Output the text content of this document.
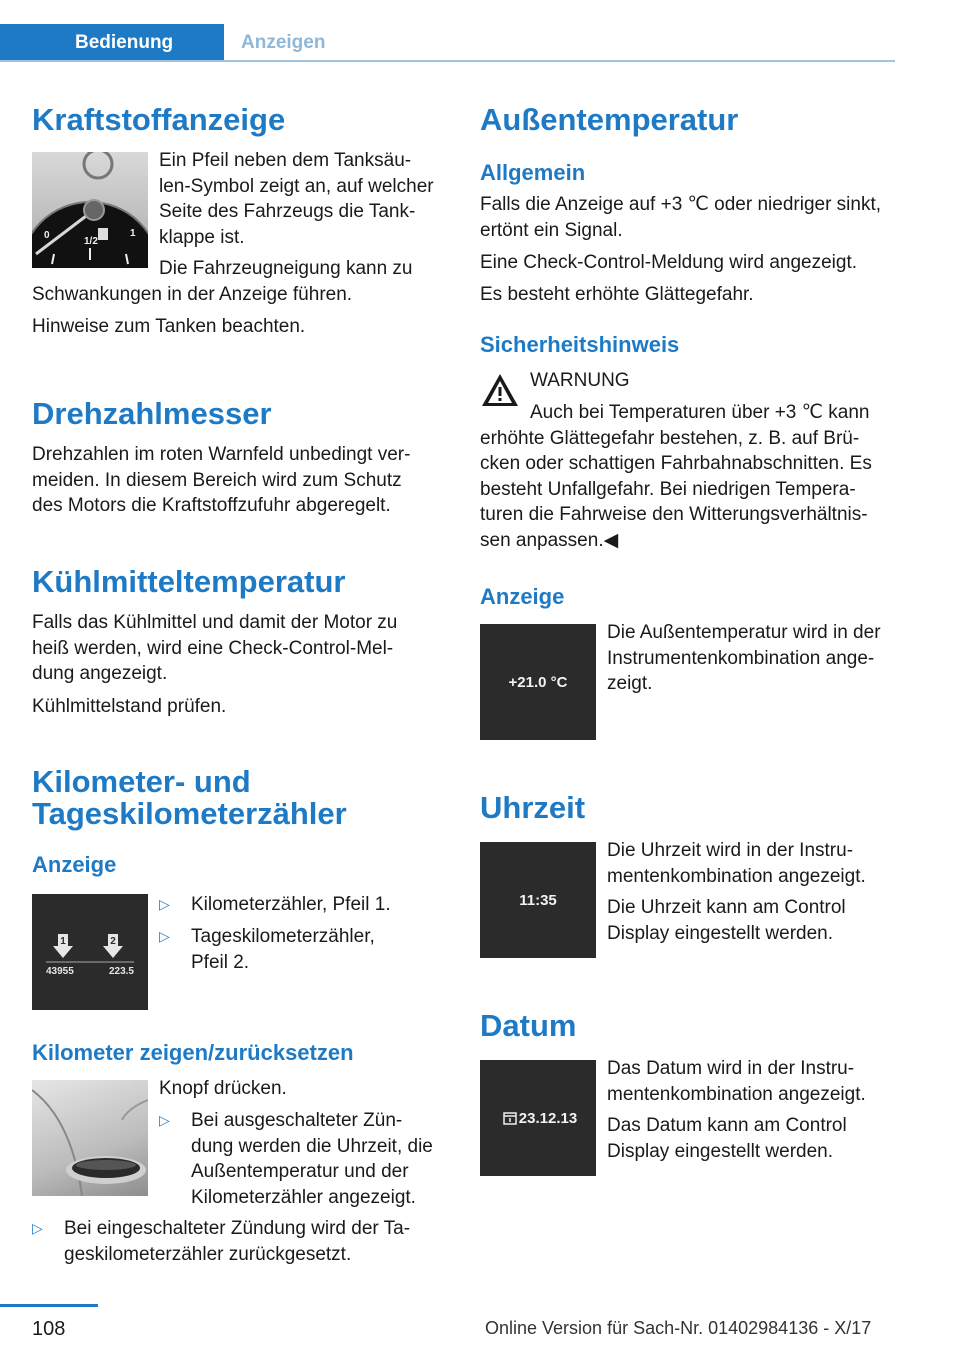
Bedienung	Anzeigen
Kraftstoffanzeige
0
1/2
1

Ein Pfeil neben dem Tanksäu-
len-Symbol zeigt an, auf welcher
Seite des Fahrzeugs die Tank-
klappe ist.

Die Fahrzeugneigung kann zu
Schwankungen in der Anzeige führen.

Hinweise zum Tanken beachten.

Drehzahlmesser

Drehzahlen im roten Warnfeld unbedingt ver-
meiden. In diesem Bereich wird zum Schutz
des Motors die Kraftstoffzufuhr abgeregelt.

Kühlmitteltemperatur

Falls das Kühlmittel und damit der Motor zu
heiß werden, wird eine Check-Control-Mel-
dung angezeigt.

Kühlmittelstand prüfen.

Kilometer- und
Tageskilometerzähler
Anzeige
1	2
43955	223.5
▷	Kilometerzähler, Pfeil 1.
▷	Tageskilometerzähler,
Pfeil 2.
Kilometer zeigen/zurücksetzen

Knopf drücken.

▷	Bei ausgeschalteter Zün-
dung werden die Uhrzeit, die
Außentemperatur und der
Kilometerzähler angezeigt.
▷	Bei eingeschalteter Zündung wird der Ta-
geskilometerzähler zurückgesetzt.
Außentemperatur
Allgemein

Falls die Anzeige auf +3 ℃ oder niedriger sinkt,
ertönt ein Signal.

Eine Check-Control-Meldung wird angezeigt.

Es besteht erhöhte Glättegefahr.

Sicherheitshinweis

WARNUNG

Auch bei Temperaturen über +3 ℃ kann

erhöhte Glättegefahr bestehen, z. B. auf Brü-
cken oder schattigen Fahrbahnabschnitten. Es
besteht Unfallgefahr. Bei niedrigen Tempera-
turen die Fahrweise den Witterungsverhältnis-
sen anpassen.◀

Anzeige
+21.0 °C

Die Außentemperatur wird in der
Instrumentenkombination ange-
zeigt.

Uhrzeit
11:35

Die Uhrzeit wird in der Instru-
mentenkombination angezeigt.

Die Uhrzeit kann am Control
Display eingestellt werden.

Datum
23.12.13

Das Datum wird in der Instru-
mentenkombination angezeigt.

Das Datum kann am Control
Display eingestellt werden.

108	Online Version für Sach-Nr. 01402984136 - X/17
